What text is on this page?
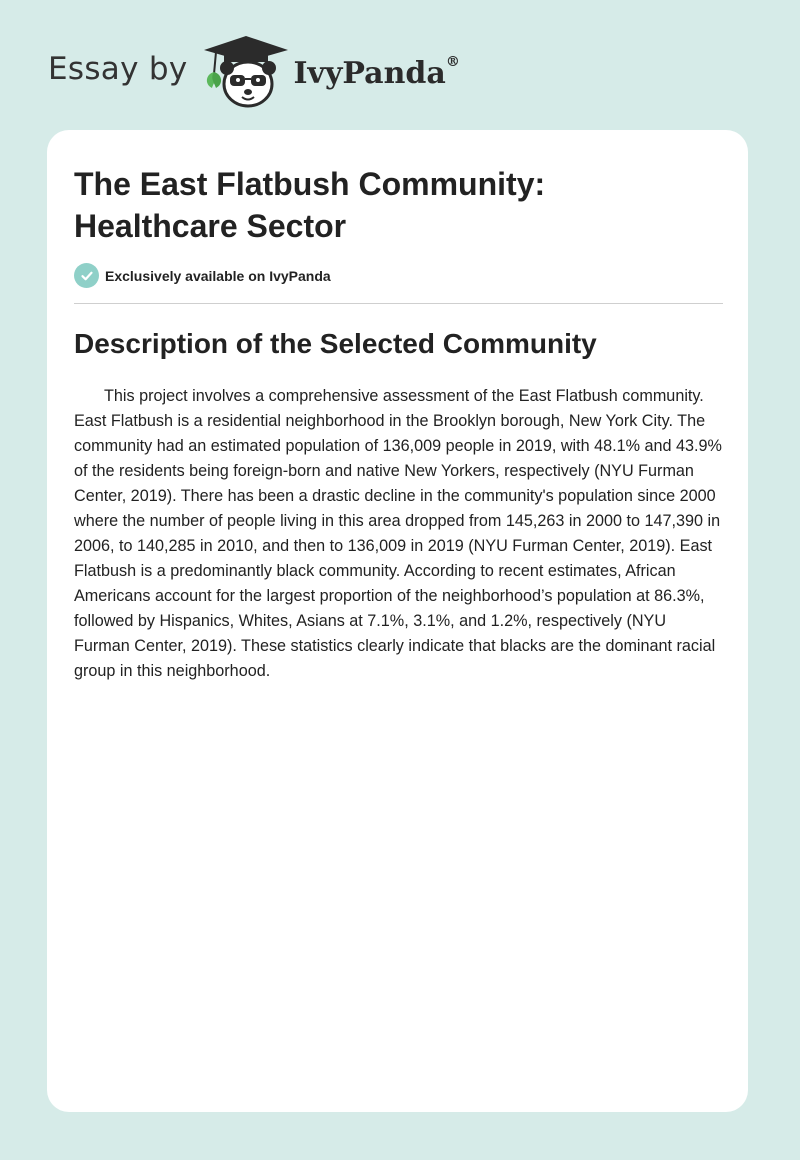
Essay by	IvyPanda®
The East Flatbush Community: Healthcare Sector
Exclusively available on IvyPanda
Description of the Selected Community

This project involves a comprehensive assessment of the East Flatbush community. East Flatbush is a residential neighborhood in the Brooklyn borough, New York City. The community had an estimated population of 136,009 people in 2019, with 48.1% and 43.9% of the residents being foreign-born and native New Yorkers, respectively (NYU Furman Center, 2019). There has been a drastic decline in the community's population since 2000 where the number of people living in this area dropped from 145,263 in 2000 to 147,390 in 2006, to 140,285 in 2010, and then to 136,009 in 2019 (NYU Furman Center, 2019). East Flatbush is a predominantly black community. According to recent estimates, African Americans account for the largest proportion of the neighborhood’s population at 86.3%, followed by Hispanics, Whites, Asians at 7.1%, 3.1%, and 1.2%, respectively (NYU Furman Center, 2019). These statistics clearly indicate that blacks are the dominant racial group in this neighborhood.
